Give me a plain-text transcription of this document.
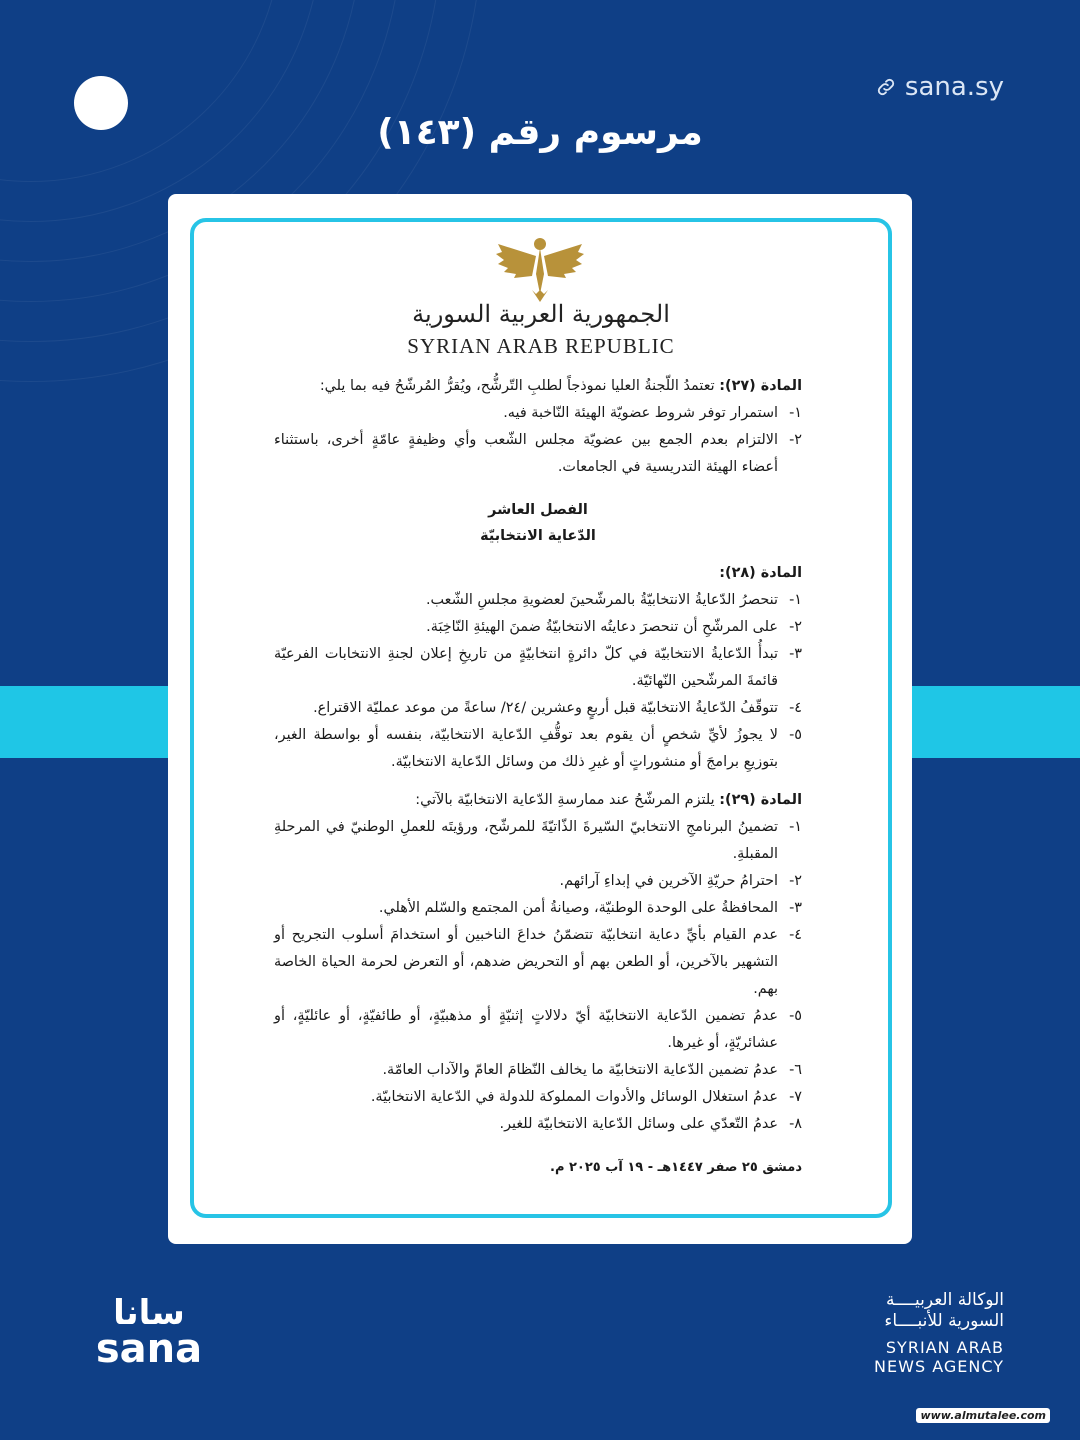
sana.sy
مرسوم رقم (١٤٣)
الجمهورية العربية السورية
SYRIAN ARAB REPUBLIC

المادة (٢٧): تعتمدُ اللّجنةُ العليا نموذجاً لطلبِ التّرشُّح، ويُقرُّ المُرشّحُ فيه بما يلي:

١-
استمرار توفر شروط عضويّة الهيئة النّاخبة فيه.
٢-
الالتزام بعدم الجمع بين عضويّة مجلس الشّعب وأي وظيفةٍ عامّةٍ أخرى، باستثناء أعضاء الهيئة التدريسية في الجامعات.
الفصل العاشر
الدّعاية الانتخابيّة

المادة (٢٨):

١-
تنحصرُ الدّعايةُ الانتخابيّةُ بالمرشّحينَ لعضويةِ مجلسِ الشّعب.
٢-
على المرشّحِ أن تنحصرَ دعايتُه الانتخابيّةُ ضمنَ الهيئةِ النّاخِبَة.
٣-
تبدأُ الدّعايةُ الانتخابيّة في كلّ دائرةٍ انتخابيّةٍ من تاريخِ إعلان لجنةِ الانتخابات الفرعيّة قائمةَ المرشّحين النّهائيّة.
٤-
تتوقّفُ الدّعايةُ الانتخابيّة قبل أربعٍ وعشرين /٢٤/ ساعةً من موعد عمليّة الاقتراع.
٥-
لا يجوزُ لأيِّ شخصٍ أن يقوم بعد توقُّفِ الدّعاية الانتخابيّة، بنفسه أو بواسطة الغير، بتوزيعِ برامجَ أو منشوراتٍ أو غيرِ ذلك من وسائل الدّعاية الانتخابيّة.

المادة (٢٩): يلتزم المرشّحُ عند ممارسةِ الدّعاية الانتخابيّة بالآتي:

١-
تضمينُ البرنامجِ الانتخابيّ السّيرةَ الذّاتيّةَ للمرشّح، ورؤيتَه للعملِ الوطنيّ في المرحلةِ المقبلةِ.
٢-
احترامُ حريّةِ الآخرين في إبداءِ آرائهم.
٣-
المحافظةُ على الوحدة الوطنيّة، وصيانةُ أمن المجتمع والسّلم الأهلي.
٤-
عدم القيام بأيِّ دعاية انتخابيّة تتضمّنُ خداعَ الناخبين أو استخدامَ أسلوب التجريح أو التشهير بالآخرين، أو الطعن بهم أو التحريض ضدهم، أو التعرض لحرمة الحياة الخاصة بهم.
٥-
عدمُ تضمين الدّعاية الانتخابيّة أيّ دلالاتٍ إثنيّةٍ أو مذهبيّةٍ، أو طائفيّةٍ، أو عائليّةٍ، أو عشائريّةٍ، أو غيرها.
٦-
عدمُ تضمين الدّعاية الانتخابيّة ما يخالف النّظامَ العامّ والآداب العامّة.
٧-
عدمُ استغلال الوسائل والأدوات المملوكة للدولة في الدّعاية الانتخابيّة.
٨-
عدمُ التّعدّي على وسائل الدّعاية الانتخابيّة للغير.
دمشق ٢٥ صفر ١٤٤٧هـ - ١٩ آب ٢٠٢٥ م.
سانا
sana
الوكالة العربيــــة
السورية للأنبــــاء
SYRIAN ARAB
NEWS AGENCY
www.almutalee.com
